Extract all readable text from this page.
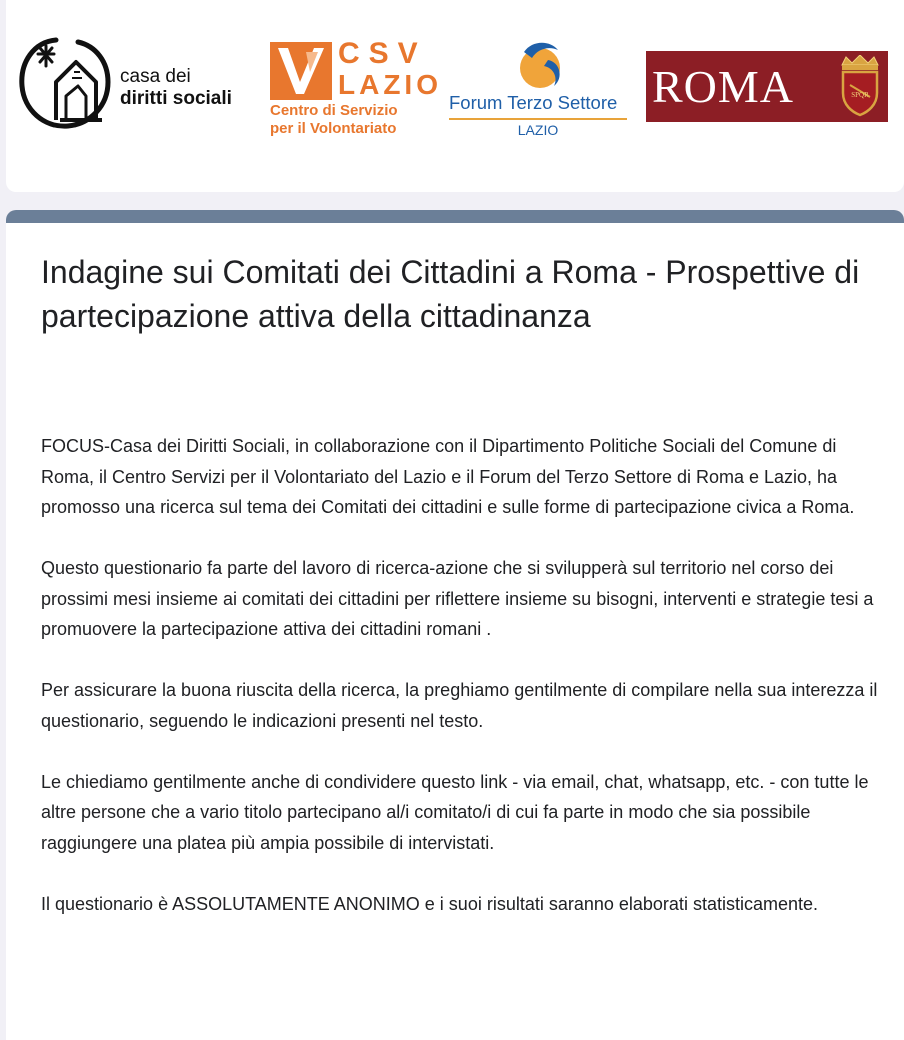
casa dei
diritti sociali
CSV
LAZIO
Centro di Servizio
per il Volontariato
Forum Terzo Settore
LAZIO
ROMA	SPQR
Indagine sui Comitati dei Cittadini a Roma - Prospettive di partecipazione attiva della cittadinanza

FOCUS-Casa dei Diritti Sociali, in collaborazione con il Dipartimento Politiche Sociali del Comune di Roma, il Centro Servizi per il Volontariato del Lazio e il Forum del Terzo Settore di Roma e Lazio, ha promosso una ricerca sul tema dei Comitati dei cittadini e sulle forme di partecipazione civica a Roma.

Questo questionario fa parte del lavoro di ricerca-azione che si svilupperà sul territorio nel corso dei prossimi mesi insieme ai comitati dei cittadini per riflettere insieme su bisogni, interventi e strategie tesi a promuovere la partecipazione attiva dei cittadini romani .

Per assicurare la buona riuscita della ricerca, la preghiamo gentilmente di compilare nella sua interezza il questionario, seguendo le indicazioni presenti nel testo.

Le chiediamo gentilmente anche di condividere questo link - via email, chat, whatsapp, etc. - con tutte le altre persone che a vario titolo partecipano al/i comitato/i di cui fa parte in modo che sia possibile raggiungere una platea più ampia possibile di intervistati.

Il questionario è ASSOLUTAMENTE ANONIMO e i suoi risultati saranno elaborati statisticamente.
